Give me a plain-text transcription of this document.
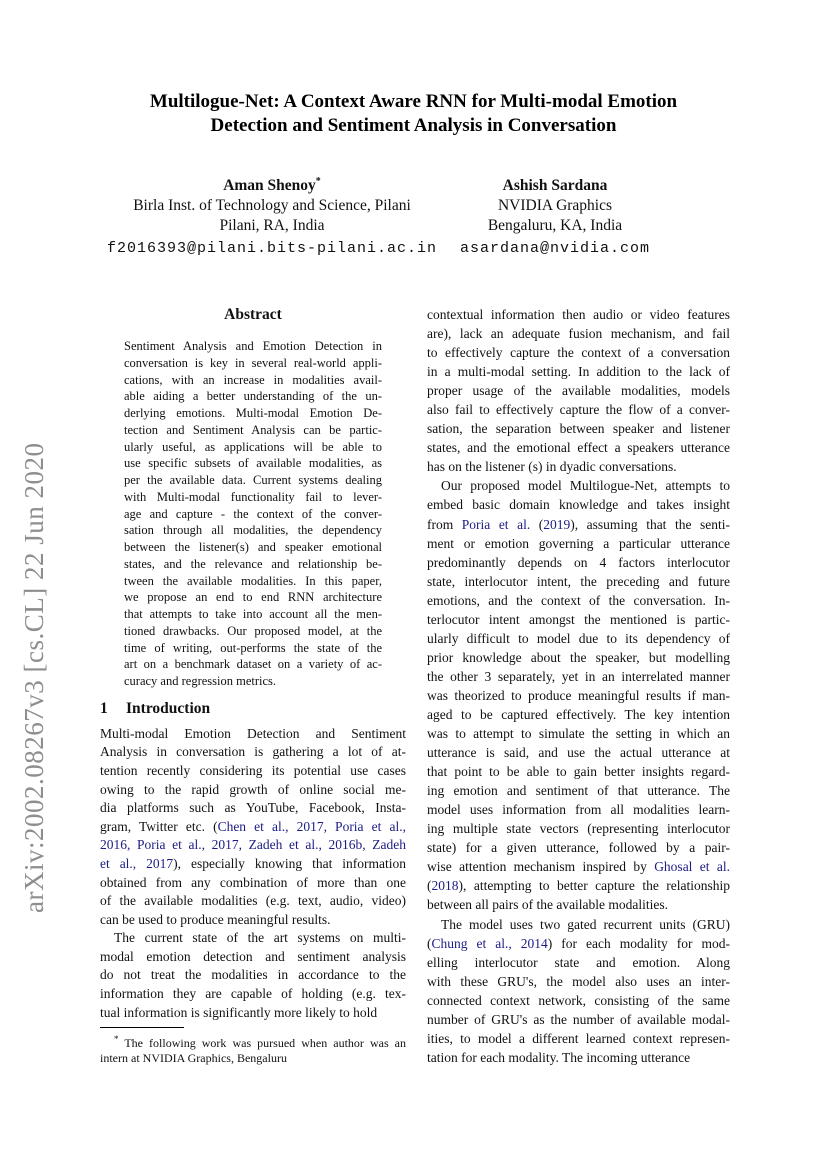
arXiv:2002.08267v3 [cs.CL] 22 Jun 2020
Multilogue-Net: A Context Aware RNN for Multi-modal Emotion
Detection and Sentiment Analysis in Conversation
Aman Shenoy*
Birla Inst. of Technology and Science, Pilani
Pilani, RA, India
f2016393@pilani.bits-pilani.ac.in
Ashish Sardana
NVIDIA Graphics
Bengaluru, KA, India
asardana@nvidia.com
Abstract
Sentiment Analysis and Emotion Detection in
conversation is key in several real-world appli-
cations, with an increase in modalities avail-
able aiding a better understanding of the un-
derlying emotions. Multi-modal Emotion De-
tection and Sentiment Analysis can be partic-
ularly useful, as applications will be able to
use specific subsets of available modalities, as
per the available data. Current systems dealing
with Multi-modal functionality fail to lever-
age and capture - the context of the conver-
sation through all modalities, the dependency
between the listener(s) and speaker emotional
states, and the relevance and relationship be-
tween the available modalities. In this paper,
we propose an end to end RNN architecture
that attempts to take into account all the men-
tioned drawbacks. Our proposed model, at the
time of writing, out-performs the state of the
art on a benchmark dataset on a variety of ac-
curacy and regression metrics.
1 Introduction
Multi-modal Emotion Detection and Sentiment
Analysis in conversation is gathering a lot of at-
tention recently considering its potential use cases
owing to the rapid growth of online social me-
dia platforms such as YouTube, Facebook, Insta-
gram, Twitter etc. (Chen et al., 2017, Poria et al.,
2016, Poria et al., 2017, Zadeh et al., 2016b, Zadeh
et al., 2017), especially knowing that information
obtained from any combination of more than one
of the available modalities (e.g. text, audio, video)
can be used to produce meaningful results.
The current state of the art systems on multi-
modal emotion detection and sentiment analysis
do not treat the modalities in accordance to the
information they are capable of holding (e.g. tex-
tual information is significantly more likely to hold
* The following work was pursued when author was an
intern at NVIDIA Graphics, Bengaluru
contextual information then audio or video features
are), lack an adequate fusion mechanism, and fail
to effectively capture the context of a conversation
in a multi-modal setting. In addition to the lack of
proper usage of the available modalities, models
also fail to effectively capture the flow of a conver-
sation, the separation between speaker and listener
states, and the emotional effect a speakers utterance
has on the listener (s) in dyadic conversations.
Our proposed model Multilogue-Net, attempts to
embed basic domain knowledge and takes insight
from Poria et al. (2019), assuming that the senti-
ment or emotion governing a particular utterance
predominantly depends on 4 factors interlocutor
state, interlocutor intent, the preceding and future
emotions, and the context of the conversation. In-
terlocutor intent amongst the mentioned is partic-
ularly difficult to model due to its dependency of
prior knowledge about the speaker, but modelling
the other 3 separately, yet in an interrelated manner
was theorized to produce meaningful results if man-
aged to be captured effectively. The key intention
was to attempt to simulate the setting in which an
utterance is said, and use the actual utterance at
that point to be able to gain better insights regard-
ing emotion and sentiment of that utterance. The
model uses information from all modalities learn-
ing multiple state vectors (representing interlocutor
state) for a given utterance, followed by a pair-
wise attention mechanism inspired by Ghosal et al.
(2018), attempting to better capture the relationship
between all pairs of the available modalities.
The model uses two gated recurrent units (GRU)
(Chung et al., 2014) for each modality for mod-
elling interlocutor state and emotion. Along
with these GRU's, the model also uses an inter-
connected context network, consisting of the same
number of GRU's as the number of available modal-
ities, to model a different learned context represen-
tation for each modality. The incoming utterance
